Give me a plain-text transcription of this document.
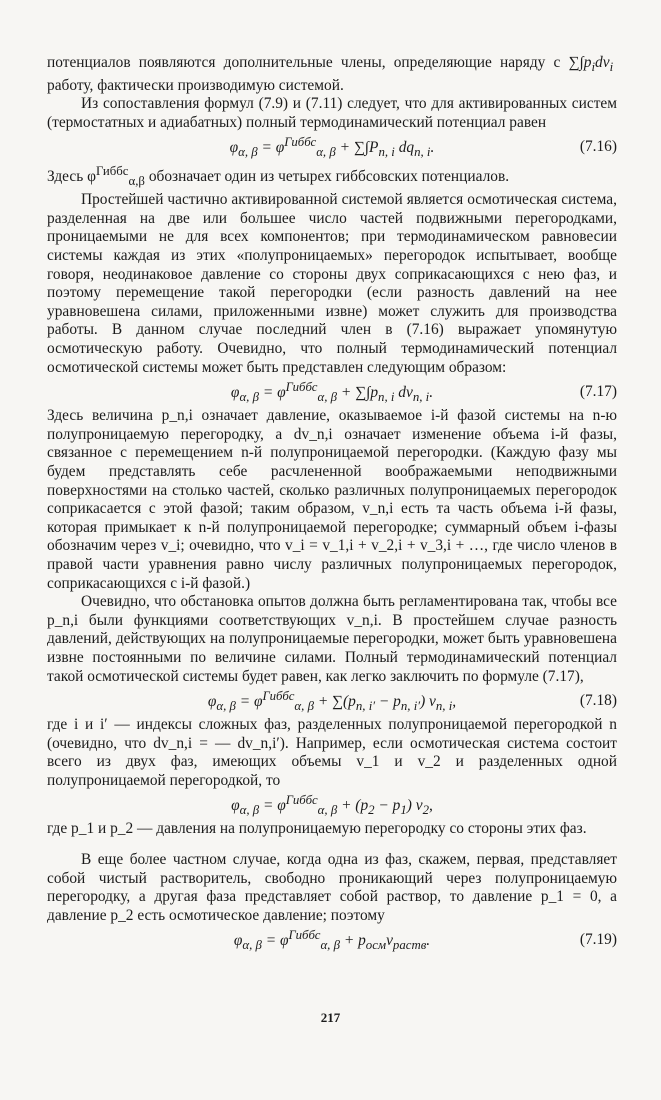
потенциалов появляются дополнительные члены, определяющие наряду с $\sum\int p_idv_i$  работу, фактически производимую системой.

Из сопоставления формул (7.9) и (7.11) следует, что для активированных систем (термостатных и адиабатных) полный термодинамический потенциал равен

$\varphi_{\alpha, \beta} = \varphi^{Гиббс}_{\alpha, \beta} + \sum\int P_{n, i}$ $dq_{n, i}$.	(7.16)

Здесь $\varphi^{Гиббс}_{\alpha,\beta}$ обозначает один из четырех гиббсовских потенциалов.

Простейшей частично активированной системой является осмотическая система, разделенная на две или большее число частей подвижными перегородками, проницаемыми не для всех компонентов; при термодинамическом равновесии системы каждая из этих «полупроницаемых» перегородок испытывает, вообще говоря, неодинаковое давление со стороны двух соприкасающихся с нею фаз, и поэтому перемещение такой перегородки (если разность давлений на нее уравновешена силами, приложенными извне) может служить для производства работы. В данном случае последний член в (7.16) выражает упомянутую осмотическую работу. Очевидно, что полный термодинамический потенциал осмотической системы может быть представлен следующим образом:

$\varphi_{\alpha, \beta} = \varphi^{Гиббс}_{\alpha, \beta} + \sum\int p_{n, i}$ $dv_{n, i}$.	(7.17)

Здесь величина p_n,i означает давление, оказываемое i-й фазой системы на n-ю полупроницаемую перегородку, а dv_n,i означает изменение объема i-й фазы, связанное с перемещением n-й полупроницаемой перегородки. (Каждую фазу мы будем представлять себе расчлененной воображаемыми неподвижными поверхностями на столько частей, сколько различных полупроницаемых перегородок соприкасается с этой фазой; таким образом, v_n,i есть та часть объема i-й фазы, которая примыкает к n-й полупроницаемой перегородке; суммарный объем i-фазы обозначим через v_i; очевидно, что v_i = v_1,i + v_2,i + v_3,i + …, где число членов в правой части уравнения равно числу различных полупроницаемых перегородок, соприкасающихся с i-й фазой.)

Очевидно, что обстановка опытов должна быть регламентирована так, чтобы все p_n,i были функциями соответствующих v_n,i. В простейшем случае разность давлений, действующих на полупроницаемые перегородки, может быть уравновешена извне постоянными по величине силами. Полный термодинамический потенциал такой осмотической системы будет равен, как легко заключить по формуле (7.17),

$\varphi_{\alpha, \beta} = \varphi^{Гиббс}_{\alpha, \beta} + \sum(p_{n, i'} - p_{n, i'})$ $v_{n, i}$,	(7.18)

где i и i′ — индексы сложных фаз, разделенных полупроницаемой перегородкой n (очевидно, что dv_n,i = — dv_n,i′). Например, если осмотическая система состоит всего из двух фаз, имеющих объемы v_1 и v_2 и разделенных одной полупроницаемой перегородкой, то

$\varphi_{\alpha, \beta} = \varphi^{Гиббс}_{\alpha, \beta} + (p_2 - p_1)$ $v_2$,

где p_1 и p_2 — давления на полупроницаемую перегородку со стороны этих фаз.

В еще более частном случае, когда одна из фаз, скажем, первая, представляет собой чистый растворитель, свободно проникающий через полупроницаемую перегородку, а другая фаза представляет собой раствор, то давление p_1 = 0, а давление p_2 есть осмотическое давление; поэтому

$\varphi_{\alpha, \beta} = \varphi^{Гиббс}_{\alpha, \beta} + p_{осм}v_{раств}$.	(7.19)
217
